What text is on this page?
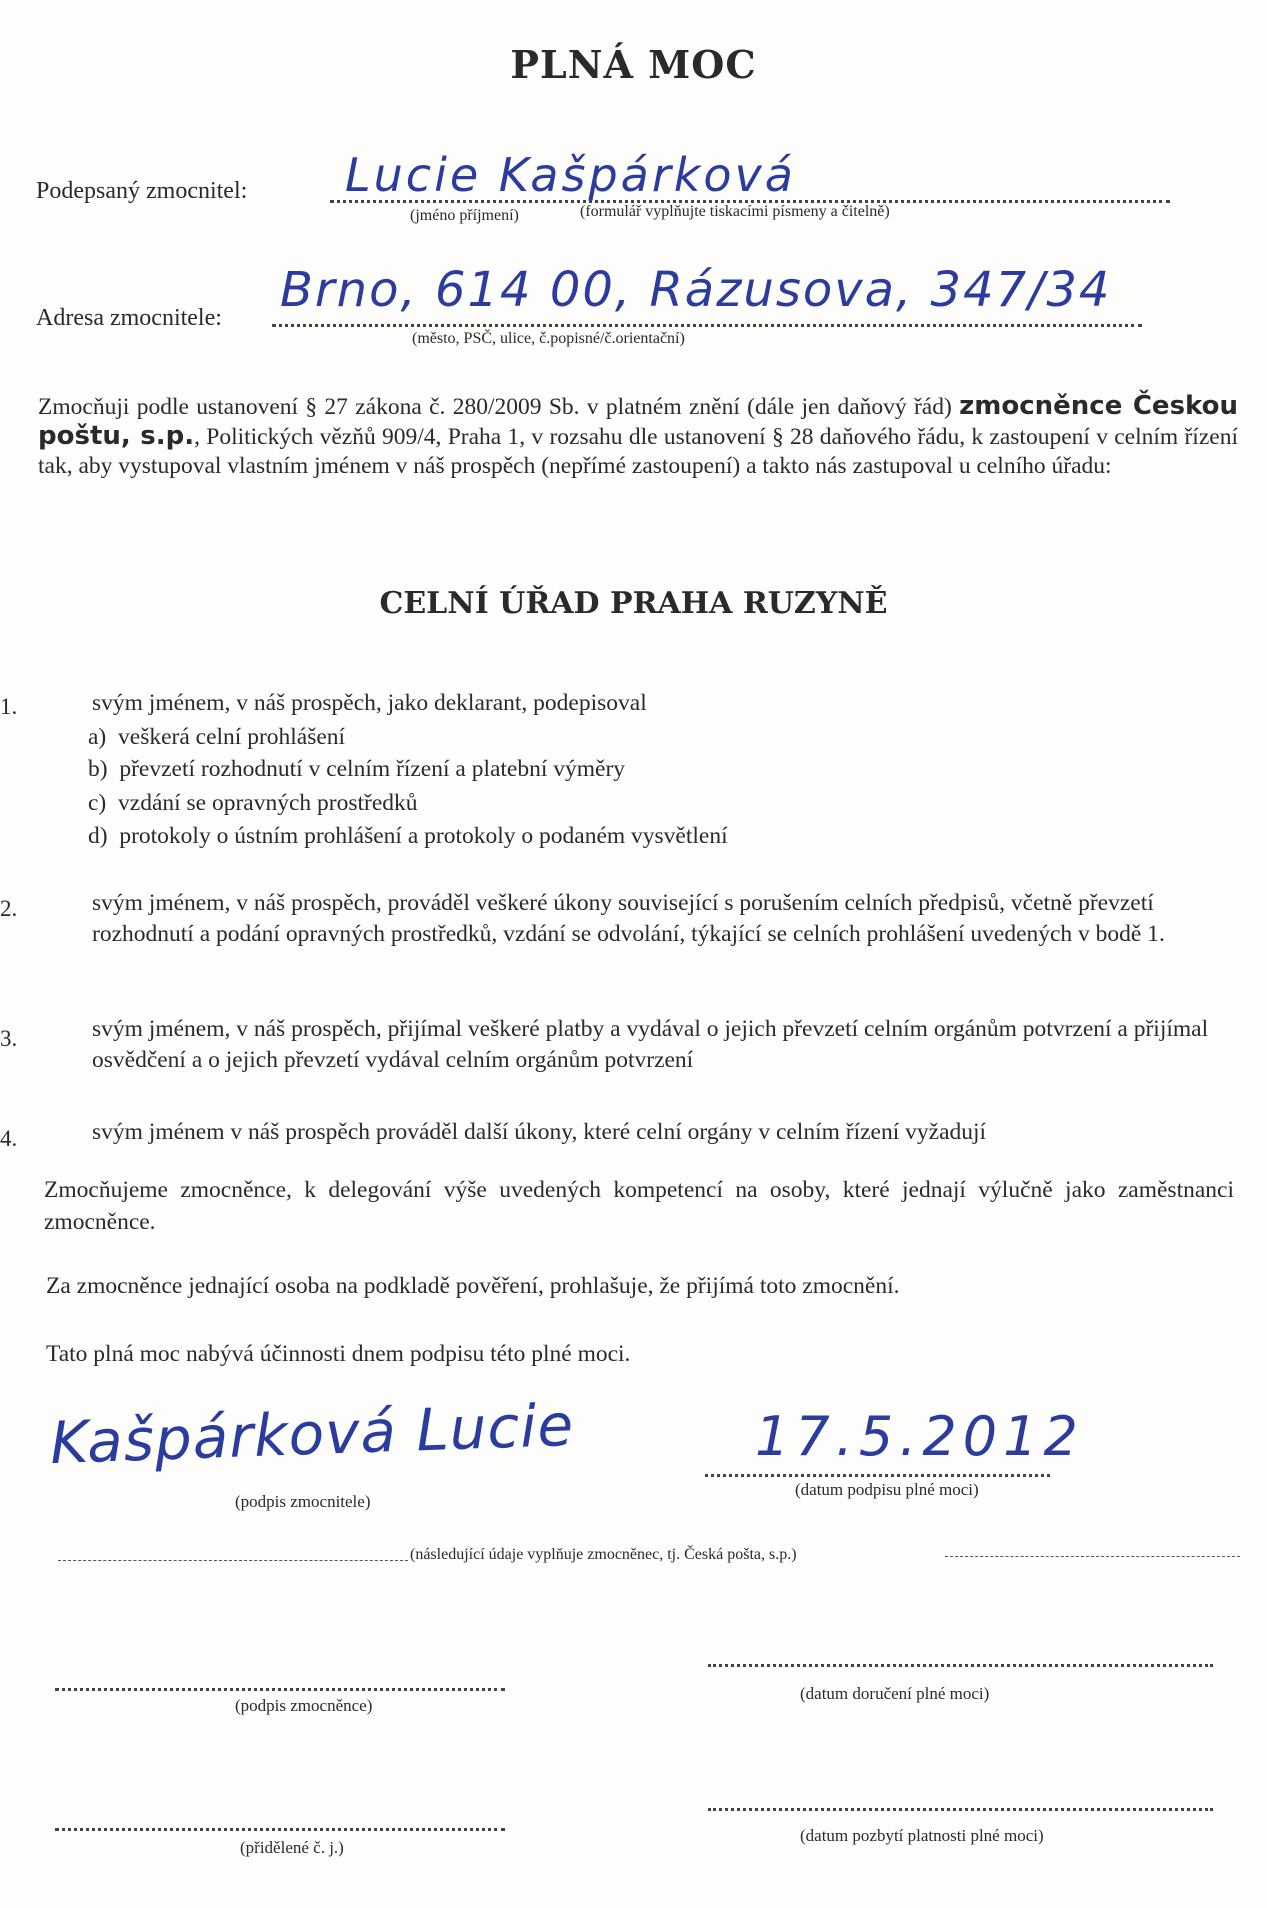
PLNÁ MOC
Podepsaný zmocnitel: Lucie Kašpárková
(jméno příjmení)	(formulář vyplňujte tiskacími písmeny a čitelně)
Adresa zmocnitele: Brno, 614 00, Rázusova, 347/34
(město, PSČ, ulice, č.popisné/č.orientační)
Zmocňuji podle ustanovení § 27 zákona č. 280/2009 Sb. v platném znění (dále jen daňový řád) zmocněnce Českou poštu, s.p., Politických vězňů 909/4, Praha 1, v rozsahu dle ustanovení § 28 daňového řádu, k zastoupení v celním řízení tak, aby vystupoval vlastním jménem v náš prospěch (nepřímé zastoupení) a takto nás zastupoval u celního úřadu:
CELNÍ ÚŘAD PRAHA RUZYNĚ
1.	svým jménem, v náš prospěch, jako deklarant, podepisoval
a) veškerá celní prohlášení
b) převzetí rozhodnutí v celním řízení a platební výměry
c) vzdání se opravných prostředků
d) protokoly o ústním prohlášení a protokoly o podaném vysvětlení
2.	svým jménem, v náš prospěch, prováděl veškeré úkony související s porušením celních předpisů, včetně převzetí rozhodnutí a podání opravných prostředků, vzdání se odvolání, týkající se celních prohlášení uvedených v bodě 1.
3.	svým jménem, v náš prospěch, přijímal veškeré platby a vydával o jejich převzetí celním orgánům potvrzení a přijímal osvědčení a o jejich převzetí vydával celním orgánům potvrzení
4.	svým jménem v náš prospěch prováděl další úkony, které celní orgány v celním řízení vyžadují
Zmocňujeme zmocněnce, k delegování výše uvedených kompetencí na osoby, které jednají výlučně jako zaměstnanci zmocněnce.
Za zmocněnce jednající osoba na podkladě pověření, prohlašuje, že přijímá toto zmocnění.
Tato plná moc nabývá účinnosti dnem podpisu této plné moci.
Kašpárková Lucie
(podpis zmocnitele)
17.5.2012
(datum podpisu plné moci)
(následující údaje vyplňuje zmocněnec, tj. Česká pošta, s.p.)
(podpis zmocněnce)
(datum doručení plné moci)
(přidělené č. j.)
(datum pozbytí platnosti plné moci)
